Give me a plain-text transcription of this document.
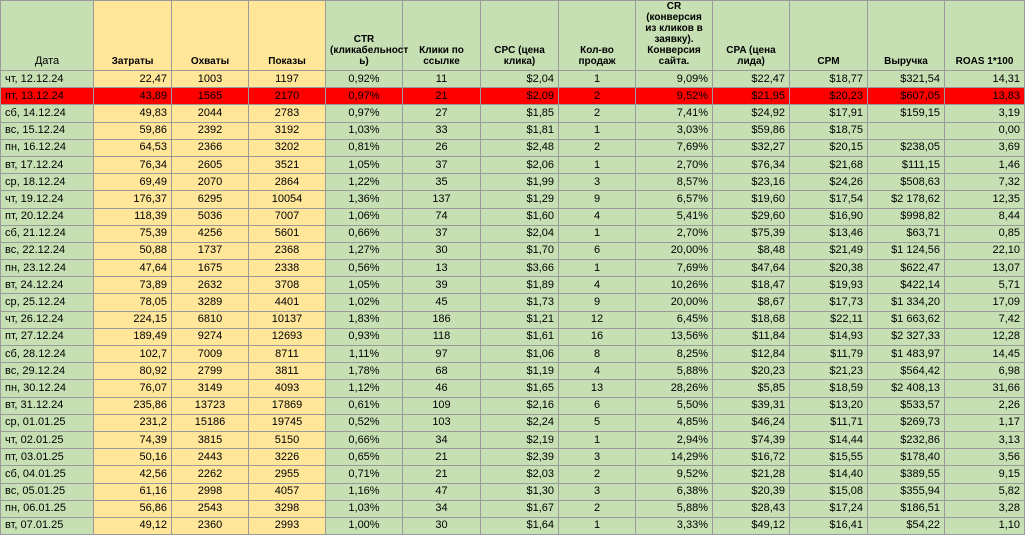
Дата	Затраты	Охваты	Показы	CTR (кликабельност ь)	Клики по ссылке	CPC (цена клика)	Кол-во продаж	CR (конверсия из кликов в заявку). Конверсия сайта.	CPA (цена лида)	CPM	Выручка	ROAS 1*100
чт, 12.12.24	22,47	1003	1197	0,92%	11	$2,04	1	9,09%	$22,47	$18,77	$321,54	14,31
пт, 13.12.24	43,89	1565	2170	0,97%	21	$2,09	2	9,52%	$21,95	$20,23	$607,05	13,83
сб, 14.12.24	49,83	2044	2783	0,97%	27	$1,85	2	7,41%	$24,92	$17,91	$159,15	3,19
вс, 15.12.24	59,86	2392	3192	1,03%	33	$1,81	1	3,03%	$59,86	$18,75		0,00
пн, 16.12.24	64,53	2366	3202	0,81%	26	$2,48	2	7,69%	$32,27	$20,15	$238,05	3,69
вт, 17.12.24	76,34	2605	3521	1,05%	37	$2,06	1	2,70%	$76,34	$21,68	$111,15	1,46
ср, 18.12.24	69,49	2070	2864	1,22%	35	$1,99	3	8,57%	$23,16	$24,26	$508,63	7,32
чт, 19.12.24	176,37	6295	10054	1,36%	137	$1,29	9	6,57%	$19,60	$17,54	$2 178,62	12,35
пт, 20.12.24	118,39	5036	7007	1,06%	74	$1,60	4	5,41%	$29,60	$16,90	$998,82	8,44
сб, 21.12.24	75,39	4256	5601	0,66%	37	$2,04	1	2,70%	$75,39	$13,46	$63,71	0,85
вс, 22.12.24	50,88	1737	2368	1,27%	30	$1,70	6	20,00%	$8,48	$21,49	$1 124,56	22,10
пн, 23.12.24	47,64	1675	2338	0,56%	13	$3,66	1	7,69%	$47,64	$20,38	$622,47	13,07
вт, 24.12.24	73,89	2632	3708	1,05%	39	$1,89	4	10,26%	$18,47	$19,93	$422,14	5,71
ср, 25.12.24	78,05	3289	4401	1,02%	45	$1,73	9	20,00%	$8,67	$17,73	$1 334,20	17,09
чт, 26.12.24	224,15	6810	10137	1,83%	186	$1,21	12	6,45%	$18,68	$22,11	$1 663,62	7,42
пт, 27.12.24	189,49	9274	12693	0,93%	118	$1,61	16	13,56%	$11,84	$14,93	$2 327,33	12,28
сб, 28.12.24	102,7	7009	8711	1,11%	97	$1,06	8	8,25%	$12,84	$11,79	$1 483,97	14,45
вс, 29.12.24	80,92	2799	3811	1,78%	68	$1,19	4	5,88%	$20,23	$21,23	$564,42	6,98
пн, 30.12.24	76,07	3149	4093	1,12%	46	$1,65	13	28,26%	$5,85	$18,59	$2 408,13	31,66
вт, 31.12.24	235,86	13723	17869	0,61%	109	$2,16	6	5,50%	$39,31	$13,20	$533,57	2,26
ср, 01.01.25	231,2	15186	19745	0,52%	103	$2,24	5	4,85%	$46,24	$11,71	$269,73	1,17
чт, 02.01.25	74,39	3815	5150	0,66%	34	$2,19	1	2,94%	$74,39	$14,44	$232,86	3,13
пт, 03.01.25	50,16	2443	3226	0,65%	21	$2,39	3	14,29%	$16,72	$15,55	$178,40	3,56
сб, 04.01.25	42,56	2262	2955	0,71%	21	$2,03	2	9,52%	$21,28	$14,40	$389,55	9,15
вс, 05.01.25	61,16	2998	4057	1,16%	47	$1,30	3	6,38%	$20,39	$15,08	$355,94	5,82
пн, 06.01.25	56,86	2543	3298	1,03%	34	$1,67	2	5,88%	$28,43	$17,24	$186,51	3,28
вт, 07.01.25	49,12	2360	2993	1,00%	30	$1,64	1	3,33%	$49,12	$16,41	$54,22	1,10
